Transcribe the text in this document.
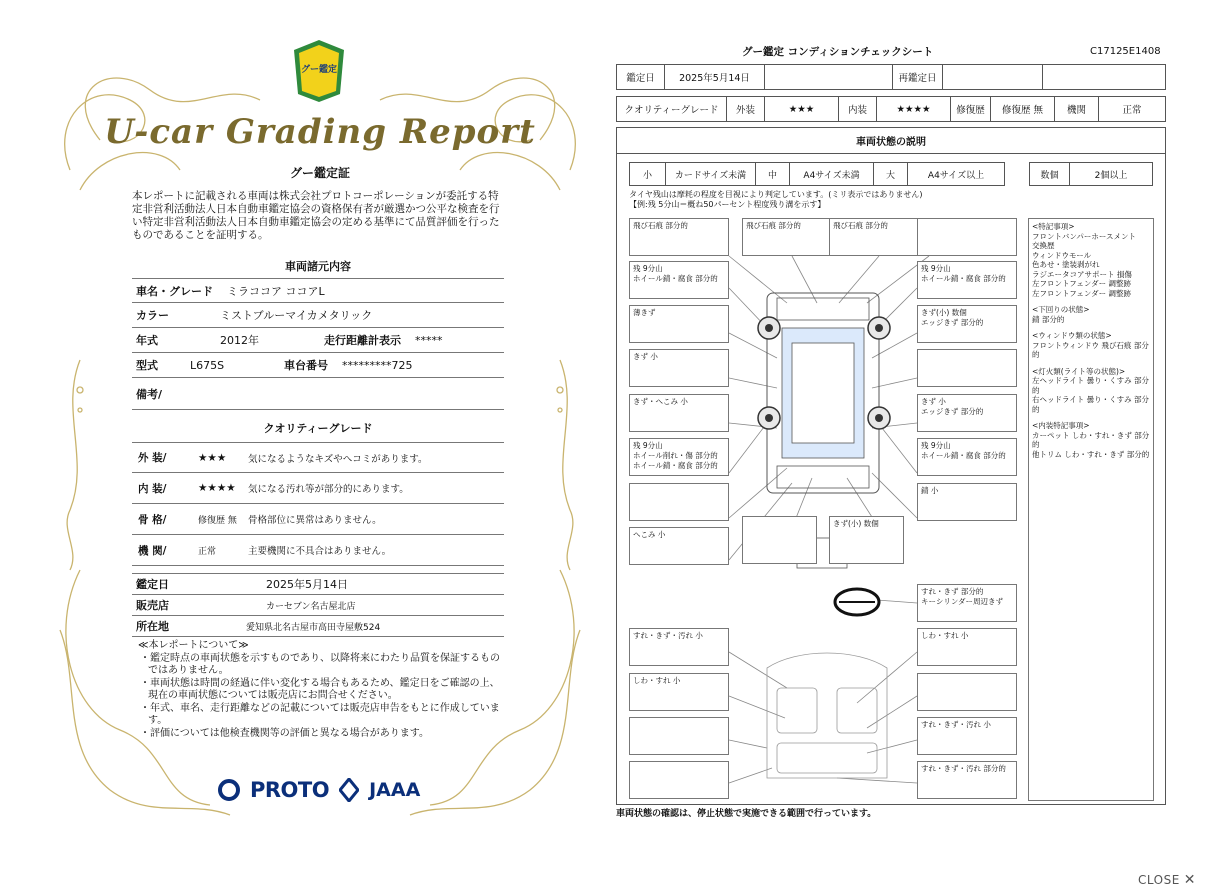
グー鑑定
U-car Grading Report
グー鑑定証
本レポートに記載される車両は株式会社プロトコーポレーションが委託する特定非営利活動法人日本自動車鑑定協会の資格保有者が厳選かつ公平な検査を行い特定非営利活動法人日本自動車鑑定協会の定める基準にて品質評価を行ったものであることを証明する。
車両諸元内容
車名・グレード ミラココア ココアL
カラー	ミストブルーマイカメタリック
年式	2012年	走行距離計表示 *****
型式	L675S	車台番号 *********725
備考/
クオリティーグレード
外 装/	★★★	気になるようなキズやへコミがあります。
内 装/	★★★★	気になる汚れ等が部分的にあります。
骨 格/	修復歴 無	骨格部位に異常はありません。
機 関/	正常	主要機関に不具合はありません。
鑑定日	2025年5月14日
販売店	カーセブン名古屋北店
所在地	愛知県北名古屋市高田寺屋敷524
≪本レポートについて≫
・鑑定時点の車両状態を示すものであり、以降将来にわたり品質を保証するものではありません。
・車両状態は時間の経過に伴い変化する場合もあるため、鑑定日をご確認の上、現在の車両状態については販売店にお問合せください。
・年式、車名、走行距離などの記載については販売店申告をもとに作成しています。
・評価については他検査機関等の評価と異なる場合があります。
PROTO JAAA
グー鑑定 コンディションチェックシート	C17125E1408
鑑定日	2025年5月14日	再鑑定日
クオリティーグレード	外装	★★★	内装	★★★★	修復歴	修復歴 無	機関	正常
車両状態の説明
小	カードサイズ未満	中	A4サイズ未満	大	A4サイズ以上	数個	2個以上
タイヤ残山は摩耗の程度を目視により判定しています。(ミリ表示ではありません)
【例:残 5分山＝概ね50パーセント程度残り溝を示す】
飛び石痕 部分的	飛び石痕 部分的	飛び石痕 部分的
残 9分山
ホイール錆・腐食 部分的
薄きず
きず 小
きず・へこみ 小
残 9分山
ホイール削れ・傷 部分的
ホイール錆・腐食 部分的
へこみ 小
残 9分山
ホイール錆・腐食 部分的
きず(小) 数個
エッジきず 部分的
きず 小
エッジきず 部分的
残 9分山
ホイール錆・腐食 部分的
錆 小
きず(小) 数個
すれ・きず 部分的
キーシリンダー周辺きず
すれ・きず・汚れ 小
しわ・すれ 小
しわ・すれ 小
すれ・きず・汚れ 小
すれ・きず・汚れ 部分的
<特記事項>
フロントバンパーホースメント
交換歴
ウィンドウモール
色あせ・塗装剥がれ
ラジエータコアサポート 損傷
左フロントフェンダー 調整跡
左フロントフェンダー 調整跡
<下回りの状態>
錆 部分的
<ウィンドウ類の状態>
フロントウィンドウ 飛び石痕 部分的
<灯火類(ライト等の状態)>
左ヘッドライト 曇り・くすみ 部分的
右ヘッドライト 曇り・くすみ 部分的
<内装特記事項>
カーペット しわ・すれ・きず 部分的
他トリム しわ・すれ・きず 部分的
車両状態の確認は、停止状態で実施できる範囲で行っています。
CLOSE ✕
